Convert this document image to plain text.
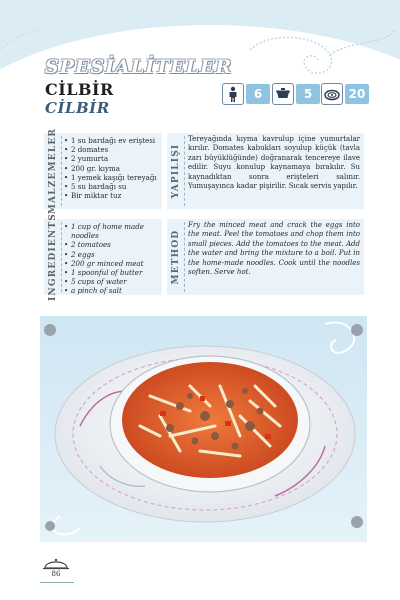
SPESİALİTELER
CİLBİR
CİLBİR
6	5	20
MALZEMELER	• 1 su bardağı ev eriştesi
• 2 domates
• 2 yumurta
• 200 gr. kıyma
• 1 yemek kaşığı tereyağı
• 5 su bardağı su
• Bir miktar tuz	YAPILIŞI

Tereyağında kıyma kavrulup içine yumurtalar kırılır. Domates kabukları soyulup küçük (tavla zarı büyüklüğünde) doğranarak tencereye ilave edilir. Suyu konulup kaynamaya bırakılır. Su kaynadıktan sonra erişteleri salınır. Yumuşayınca kadar pişirilir. Sıcak servis yapılır.

INGREDIENTS	• 1 cup of home made noodles
• 2 tomatoes
• 2 eggs
• 200 gr minced meat
• 1 spoonful of butter
• 5 cups of water
• a pinch of salt
METHOD

Fry the minced meat and crack the eggs into the meat. Peel the tomatoes and chop them into small pieces. Add the tomatoes to the meat. Add the water and bring the mixture to a boil. Put in the home-made noodles. Cook until the noodles soften. Serve hot.

86
